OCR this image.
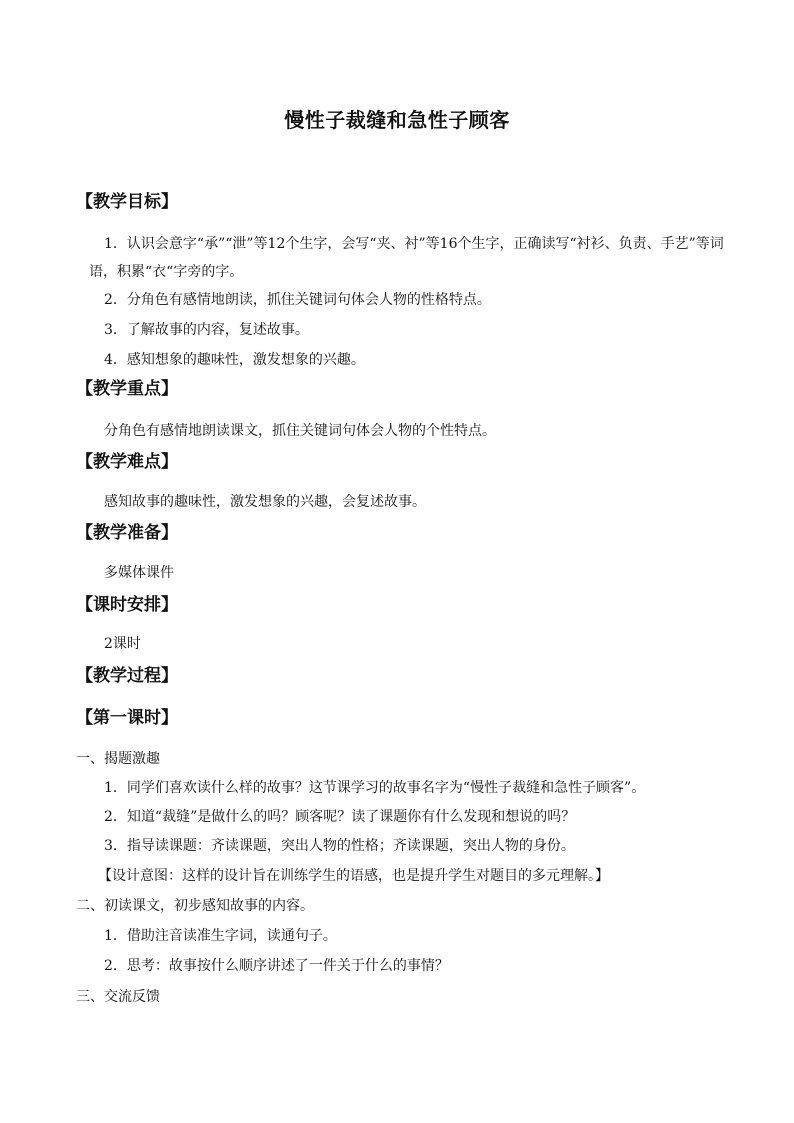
慢性子裁缝和急性子顾客
【教学目标】
1．认识会意字“承”“泄”等12个生字，会写“夹、衬”等16个生字，正确读写“衬衫、负责、手艺”等词语，积累“衣“字旁的字。
2．分角色有感情地朗读，抓住关键词句体会人物的性格特点。
3．了解故事的内容，复述故事。
4．感知想象的趣味性，激发想象的兴趣。
【教学重点】
分角色有感情地朗读课文，抓住关键词句体会人物的个性特点。
【教学难点】
感知故事的趣味性，激发想象的兴趣，会复述故事。
【教学准备】
多媒体课件
【课时安排】
2课时
【教学过程】
【第一课时】
一、揭题激趣
1．同学们喜欢读什么样的故事？这节课学习的故事名字为“慢性子裁缝和急性子顾客”。
2．知道“裁缝”是做什么的吗？顾客呢？读了课题你有什么发现和想说的吗？
3．指导读课题：齐读课题，突出人物的性格；齐读课题，突出人物的身份。
【设计意图：这样的设计旨在训练学生的语感，也是提升学生对题目的多元理解。】
二、初读课文，初步感知故事的内容。
1．借助注音读准生字词，读通句子。
2．思考：故事按什么顺序讲述了一件关于什么的事情？
三、交流反馈
